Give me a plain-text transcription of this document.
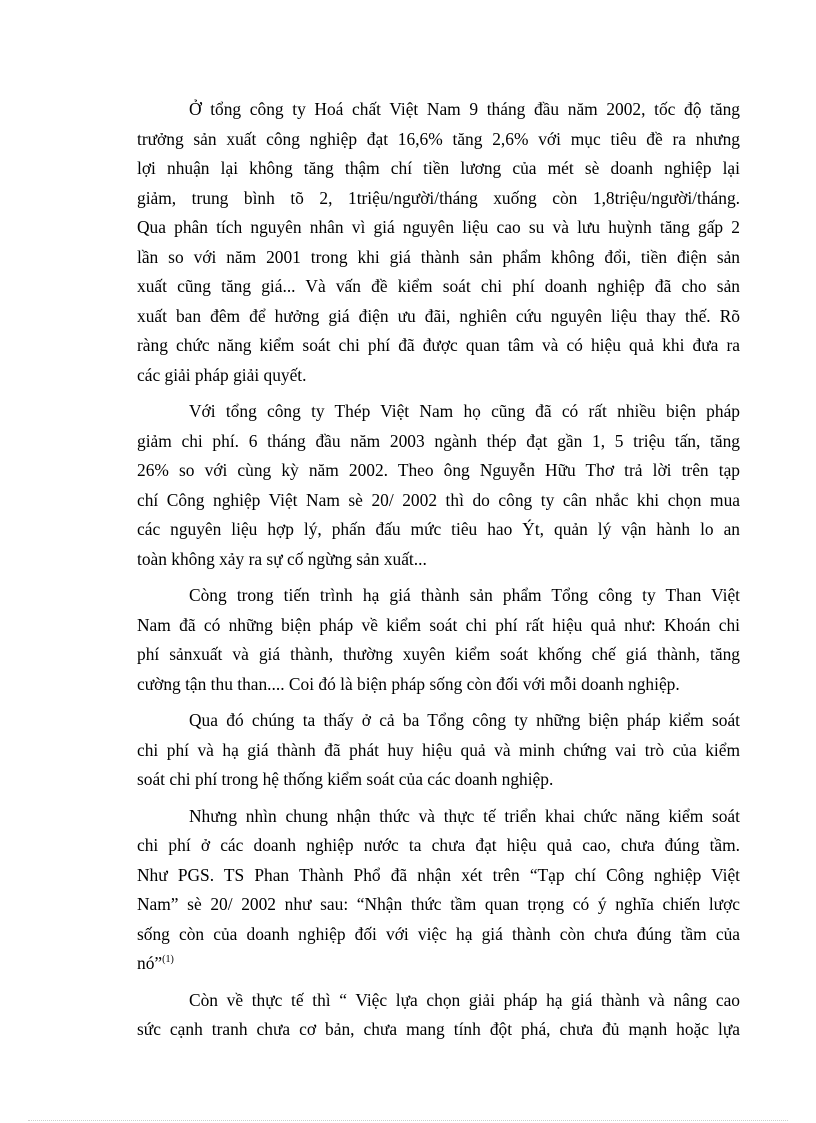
Ở tổng công ty Hoá chất Việt Nam 9 tháng đầu năm 2002, tốc độ tăng
trưởng sản xuất công nghiệp đạt 16,6% tăng 2,6% với mục tiêu đề ra nhưng
lợi nhuận lại không tăng thậm chí tiền lương của mét sè doanh nghiệp lại
giảm, trung bình tõ 2, 1triệu/người/tháng xuống còn 1,8triệu/người/tháng.
Qua phân tích nguyên nhân vì giá nguyên liệu cao su và lưu huỳnh tăng gấp 2
lần so với năm 2001 trong khi giá thành sản phẩm không đổi, tiền điện sản
xuất cũng tăng giá... Và vấn đề kiểm soát chi phí doanh nghiệp đã cho sản
xuất ban đêm để hưởng giá điện ưu đãi, nghiên cứu nguyên liệu thay thế. Rõ
ràng chức năng kiểm soát chi phí đã được quan tâm và có hiệu quả khi đưa ra
các giải pháp giải quyết.
Với tổng công ty Thép Việt Nam họ cũng đã có rất nhiều biện pháp
giảm chi phí. 6 tháng đầu năm 2003 ngành thép đạt gần 1, 5 triệu tấn, tăng
26% so với cùng kỳ năm 2002. Theo ông Nguyễn Hữu Thơ trả lời trên tạp
chí Công nghiệp Việt Nam sè 20/ 2002 thì do công ty cân nhắc khi chọn mua
các nguyên liệu hợp lý, phấn đấu mức tiêu hao Ýt, quản lý vận hành lo an
toàn không xảy ra sự cố ngừng sản xuất...
Còng trong tiến trình hạ giá thành sản phẩm Tổng công ty Than Việt
Nam đã có những biện pháp về kiểm soát chi phí rất hiệu quả như: Khoán chi
phí sảnxuất và giá thành, thường xuyên kiểm soát khống chế giá thành, tăng
cường tận thu than.... Coi đó là biện pháp sống còn đối với mỗi doanh nghiệp.
Qua đó chúng ta thấy ở cả ba Tổng công ty những biện pháp kiểm soát
chi phí và hạ giá thành đã phát huy hiệu quả và minh chứng vai trò của kiểm
soát chi phí trong hệ thống kiểm soát của các doanh nghiệp.
Nhưng nhìn chung nhận thức và thực tế triển khai chức năng kiểm soát
chi phí ở các doanh nghiệp nước ta chưa đạt hiệu quả cao, chưa đúng tầm.
Như PGS. TS Phan Thành Phổ đã nhận xét trên “Tạp chí Công nghiệp Việt
Nam” sè 20/ 2002 như sau: “Nhận thức tầm quan trọng có ý nghĩa chiến lược
sống còn của doanh nghiệp đối với việc hạ giá thành còn chưa đúng tầm của
nó”$^{(1)}$
Còn về thực tế thì “ Việc lựa chọn giải pháp hạ giá thành và nâng cao
sức cạnh tranh chưa cơ bản, chưa mang tính đột phá, chưa đủ mạnh hoặc lựa
